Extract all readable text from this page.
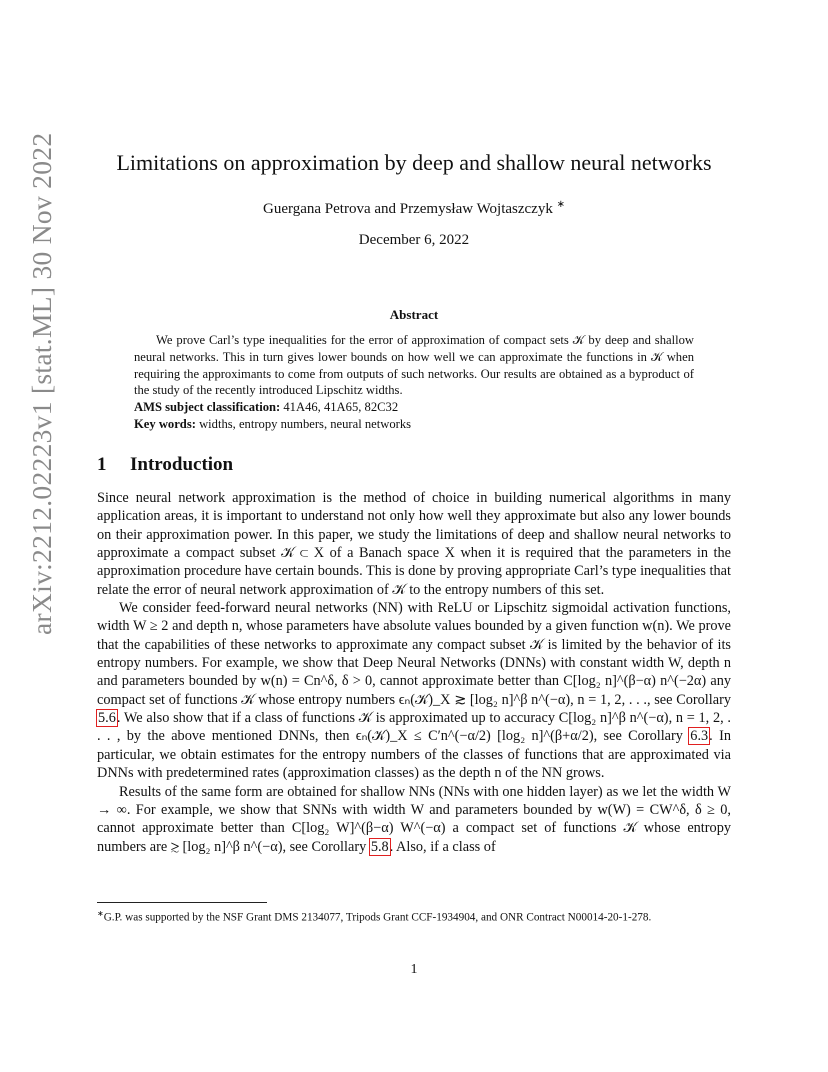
arXiv:2212.02223v1 [stat.ML] 30 Nov 2022	Limitations on approximation by deep and shallow neural networks
Guergana Petrova and Przemysław Wojtaszczyk ∗
December 6, 2022
Abstract

We prove Carl’s type inequalities for the error of approximation of compact sets 𝒦 by deep and shallow neural networks. This in turn gives lower bounds on how well we can approximate the functions in 𝒦 when requiring the approximants to come from outputs of such networks. Our results are obtained as a byproduct of the study of the recently introduced Lipschitz widths.

AMS subject classification: 41A46, 41A65, 82C32

Key words: widths, entropy numbers, neural networks

1 Introduction

Since neural network approximation is the method of choice in building numerical algorithms in many application areas, it is important to understand not only how well they approximate but also any lower bounds on their approximation power. In this paper, we study the limitations of deep and shallow neural networks to approximate a compact subset 𝒦 ⊂ X of a Banach space X when it is required that the parameters in the approximation procedure have certain bounds. This is done by proving appropriate Carl’s type inequalities that relate the error of neural network approximation of 𝒦 to the entropy numbers of this set.

We consider feed-forward neural networks (NN) with ReLU or Lipschitz sigmoidal activation functions, width W ≥ 2 and depth n, whose parameters have absolute values bounded by a given function w(n). We prove that the capabilities of these networks to approximate any compact subset 𝒦 is limited by the behavior of its entropy numbers. For example, we show that Deep Neural Networks (DNNs) with constant width W, depth n and parameters bounded by w(n) = Cn^δ, δ > 0, cannot approximate better than C[log₂ n]^(β−α) n^(−2α) any compact set of functions 𝒦 whose entropy numbers ϵₙ(𝒦)_X ≳ [log₂ n]^β n^(−α), n = 1, 2, . . ., see Corollary 5.6. We also show that if a class of functions 𝒦 is approximated up to accuracy C[log₂ n]^β n^(−α), n = 1, 2, . . . , by the above mentioned DNNs, then ϵₙ(𝒦)_X ≤ C′n^(−α/2) [log₂ n]^(β+α/2), see Corollary 6.3. In particular, we obtain estimates for the entropy numbers of the classes of functions that are approximated via DNNs with predetermined rates (approximation classes) as the depth n of the NN grows.

Results of the same form are obtained for shallow NNs (NNs with one hidden layer) as we let the width W → ∞. For example, we show that SNNs with width W and parameters bounded by w(W) = CW^δ, δ ≥ 0, cannot approximate better than C[log₂ W]^(β−α) W^(−α) a compact set of functions 𝒦 whose entropy numbers are ≳ [log₂ n]^β n^(−α), see Corollary 5.8. Also, if a class of

∗G.P. was supported by the NSF Grant DMS 2134077, Tripods Grant CCF-1934904, and ONR Contract N00014-20-1-278.
1
